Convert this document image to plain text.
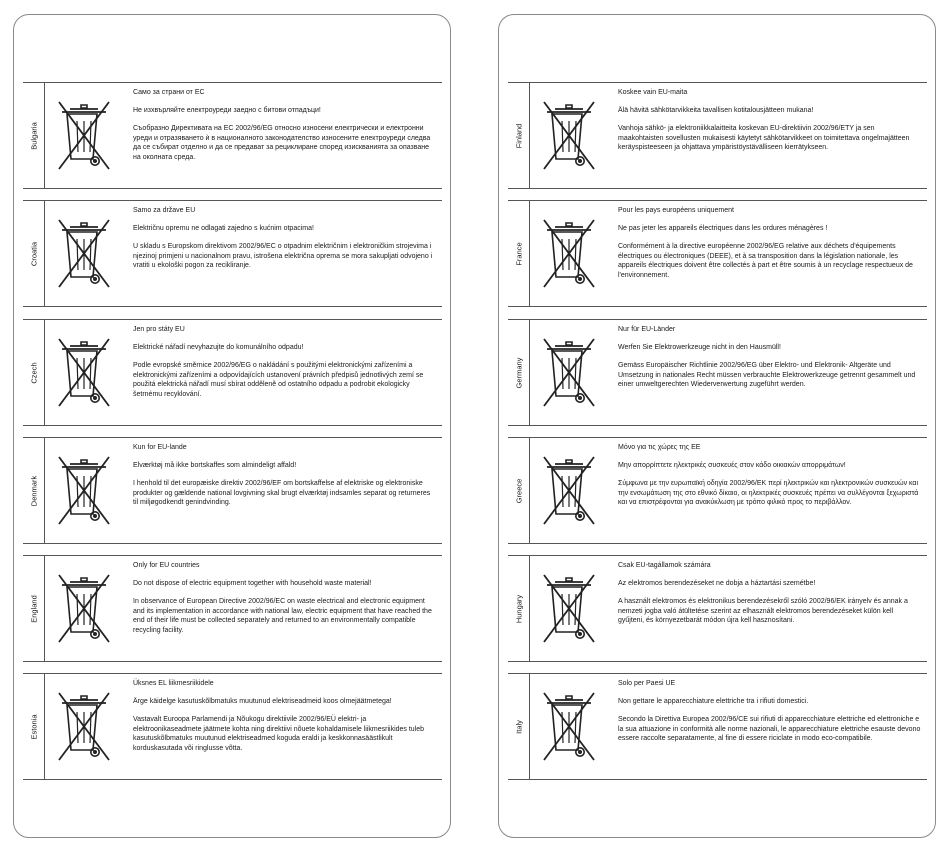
Bulgaria

Само за страни от ЕС

Не изхвърляйте електроуреди заедно с битови отпадъци!

Съобразно Директивата на ЕС 2002/96/EG относно износени електрически и електронни уреди и отразяването ѝ в националното законодателство износените електроуреди следва да се събират отделно и да се предават за рециклиране според изискванията за опазване на околната среда.

Croatia

Samo za države EU

Električnu opremu ne odlagati zajedno s kućnim otpacima!

U skladu s Europskom direktivom 2002/96/EC o otpadnim električnim i elektroničkim strojevima i njezinoj primjeni u nacionalnom pravu, istrošena električna oprema se mora sakupljati odvojeno i vratiti u ekološki pogon za recikliranje.

Czech

Jen pro státy EU

Elektrické nářadí nevyhazujte do komunálního odpadu!

Podle evropské směrnice 2002/96/EG o nakládání s použitými elektronickými zařízeními a elektronickými zařízeními a odpovídajících ustanovení právních předpisů jednotlivých zemí se použitá elektrická nářadí musí sbírat odděleně od ostatního odpadu a podrobit ekologicky šetrnému recyklování.

Denmark

Kun for EU-lande

Elværktøj må ikke bortskaffes som almindeligt affald!

I henhold til det europæiske direktiv 2002/96/EF om bortskaffelse af elektriske og elektroniske produkter og gældende national lovgivning skal brugt elværktøj indsamles separat og returneres til miljøgodkendt genindvinding.

England

Only for EU countries

Do not dispose of electric equipment together with household waste material!

In observance of European Directive 2002/96/EC on waste electrical and electronic equipment and its implementation in accordance with national law, electric equipment that have reached the end of their life must be collected separately and returned to an environmentally compatible recycling facility.

Estonia

Üksnes EL liikmesriikidele

Ärge käidelge kasutuskõlbmatuks muutunud elektriseadmeid koos olmejäätmetega!

Vastavalt Euroopa Parlamendi ja Nõukogu direktiivile 2002/96/EÜ elektri- ja elektroonikaseadmete jäätmete kohta ning direktiivi nõuete kohaldamisele liikmesriikides tuleb kasutuskõlbmatuks muutunud elektriseadmed koguda eraldi ja keskkonnasäästlikult korduskasutada või ringlusse võtta.

Finland

Koskee vain EU-maita

Älä hävitä sähkötarvikkeita tavallisen kotitalousjätteen mukana!

Vanhoja sähkö- ja elektroniikkalaitteita koskevan EU-direktiivin 2002/96/ETY ja sen maakohtaisten sovellusten mukaisesti käytetyt sähkötarvikkeet on toimitettava ongelmajätteen keräyspisteeseen ja ohjattava ympäristöystävälliseen kierrätykseen.

France

Pour les pays européens uniquement

Ne pas jeter les appareils électriques dans les ordures ménagères !

Conformément à la directive européenne 2002/96/EG relative aux déchets d'équipements électriques ou électroniques (DEEE), et à sa transposition dans la législation nationale, les appareils électriques doivent être collectés à part et être soumis à un recyclage respectueux de l'environnement.

Germany

Nur für EU-Länder

Werfen Sie Elektrowerkzeuge nicht in den Hausmüll!

Gemäss Europäischer Richtlinie 2002/96/EG über Elektro- und Elektronik- Altgeräte und Umsetzung in nationales Recht müssen verbrauchte Elektrowerkzeuge getrennt gesammelt und einer umweltgerechten Wiederverwertung zugeführt werden.

Greece

Μόνο για τις χώρες της ΕΕ

Μην απορρίπτετε ηλεκτρικές συσκευές στον κάδο οικιακών απορριμάτων!

Σύμφωνα με την ευρωπαϊκή οδηγία 2002/96/ΕΚ περί ηλεκτρικών και ηλεκτρονικών συσκευών και την ενσωμάτωση της στο εθνικό δίκαιο, οι ηλεκτρικές συσκευές πρέπει να συλλέγονται ξεχωριστά και να επιστρέφονται για ανακύκλωση με τρόπο φιλικό προς το περιβάλλον.

Hungary

Csak EU-tagállamok számára

Az elektromos berendezéseket ne dobja a háztartási szemétbe!

A használt elektromos és elektronikus berendezésekről szóló 2002/96/EK irányelv és annak a nemzeti jogba való átültetése szerint az elhasznált elektromos berendezéseket külön kell gyűjteni, és környezetbarát módon újra kell hasznosítani.

Italy

Solo per Paesi UE

Non gettare le apparecchiature elettriche tra i rifiuti domestici.

Secondo la Direttiva Europea 2002/96/CE sui rifiuti di apparecchiature elettriche ed elettroniche e la sua attuazione in conformità alle norme nazionali, le apparecchiature elettriche esauste devono essere raccolte separatamente, al fine di essere riciclate in modo eco-compatibile.
